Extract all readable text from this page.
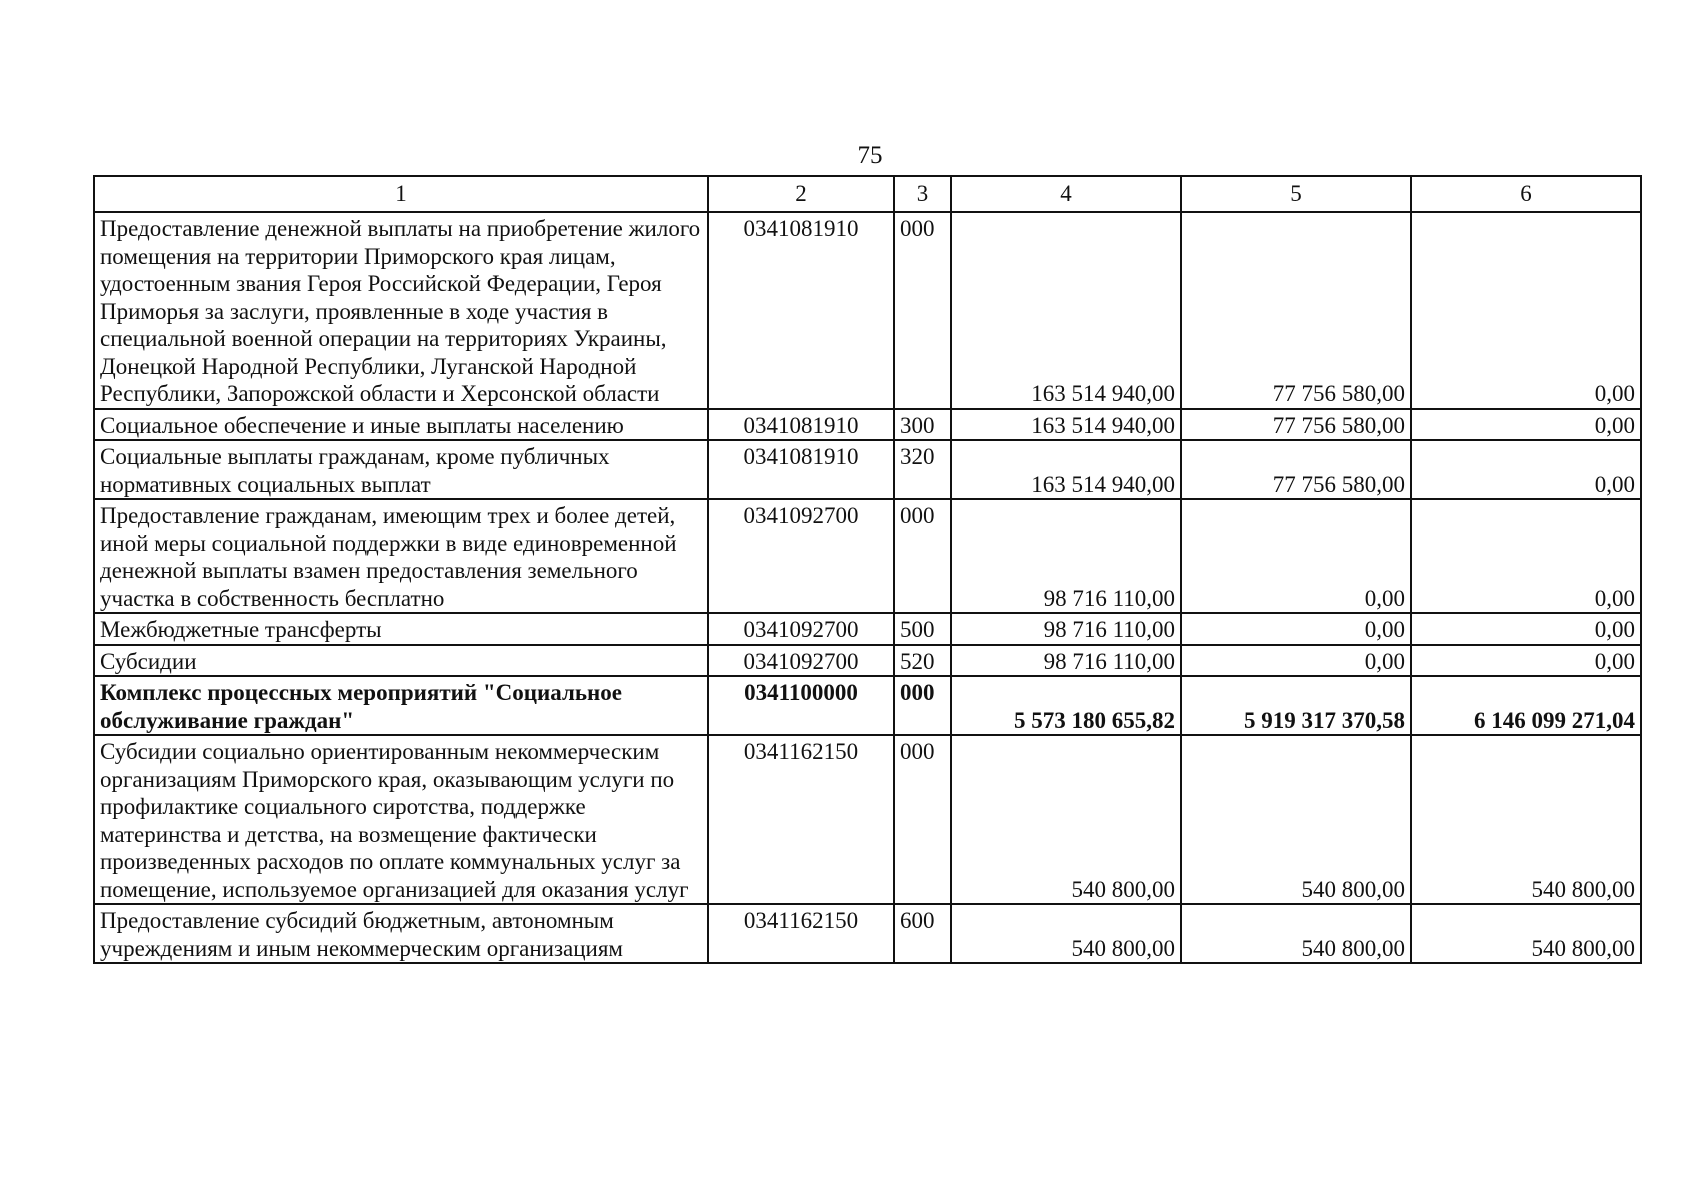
75
1	2	3	4	5	6
Предоставление денежной выплаты на приобретение жилого помещения на территории Приморского края лицам, удостоенным звания Героя Российской Федерации, Героя Приморья за заслуги, проявленные в ходе участия в специальной военной операции на территориях Украины, Донецкой Народной Республики, Луганской Народной Республики, Запорожской области и Херсонской области	0341081910	000	163 514 940,00	77 756 580,00	0,00
Социальное обеспечение и иные выплаты населению	0341081910	300	163 514 940,00	77 756 580,00	0,00
Социальные выплаты гражданам, кроме публичных нормативных социальных выплат	0341081910	320	163 514 940,00	77 756 580,00	0,00
Предоставление гражданам, имеющим трех и более детей, иной меры социальной поддержки в виде единовременной денежной выплаты взамен предоставления земельного участка в собственность бесплатно	0341092700	000	98 716 110,00	0,00	0,00
Межбюджетные трансферты	0341092700	500	98 716 110,00	0,00	0,00
Субсидии	0341092700	520	98 716 110,00	0,00	0,00
Комплекс процессных мероприятий "Социальное обслуживание граждан"	0341100000	000	5 573 180 655,82	5 919 317 370,58	6 146 099 271,04
Субсидии социально ориентированным некоммерческим организациям Приморского края, оказывающим услуги по профилактике социального сиротства, поддержке материнства и детства, на возмещение фактически произведенных расходов по оплате коммунальных услуг за помещение, используемое организацией для оказания услуг	0341162150	000	540 800,00	540 800,00	540 800,00
Предоставление субсидий бюджетным, автономным учреждениям и иным некоммерческим организациям	0341162150	600	540 800,00	540 800,00	540 800,00
